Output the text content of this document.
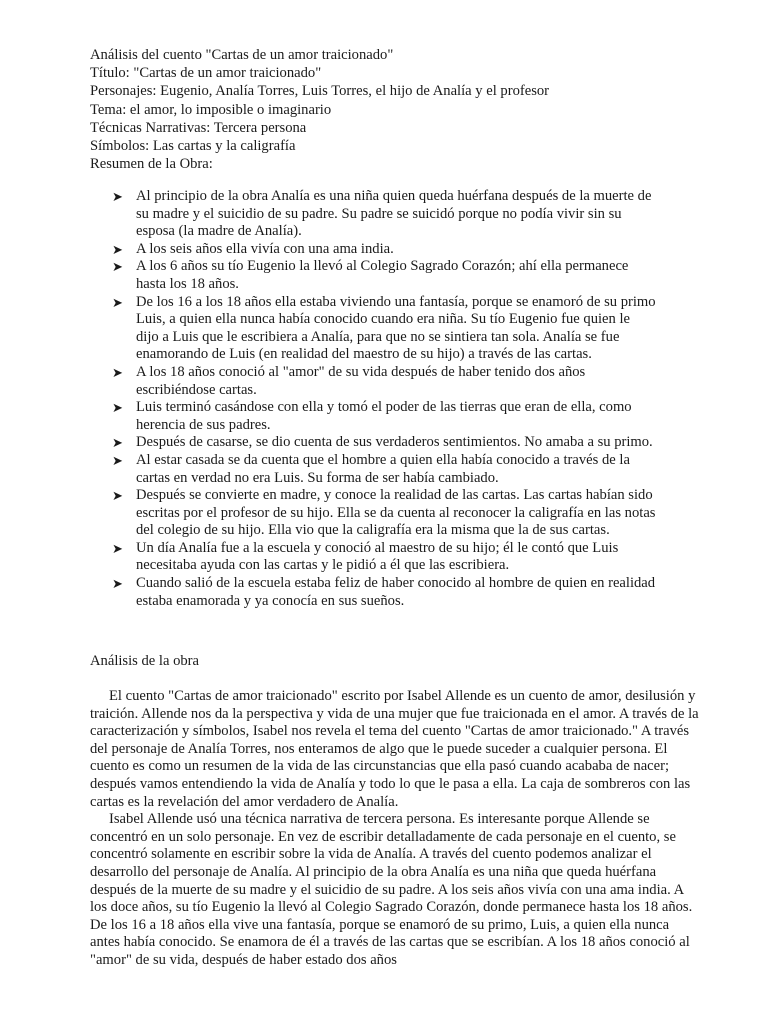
Análisis del cuento "Cartas de un amor traicionado"
Título: "Cartas de un amor traicionado"
Personajes: Eugenio, Analía Torres, Luis Torres, el hijo de Analía y el profesor
Tema: el amor, lo imposible o imaginario
Técnicas Narrativas: Tercera persona
Símbolos: Las cartas y la caligrafía
Resumen de la Obra:
➤ Al principio de la obra Analía es una niña quien queda huérfana después de la muerte de su madre y el suicidio de su padre. Su padre se suicidó porque no podía vivir sin su esposa (la madre de Analía).
➤ A los seis años ella vivía con una ama india.
➤ A los 6 años su tío Eugenio la llevó al Colegio Sagrado Corazón; ahí ella permanece hasta los 18 años.
➤ De los 16 a los 18 años ella estaba viviendo una fantasía, porque se enamoró de su primo Luis, a quien ella nunca había conocido cuando era niña. Su tío Eugenio fue quien le dijo a Luis que le escribiera a Analía, para que no se sintiera tan sola. Analía se fue enamorando de Luis (en realidad del maestro de su hijo) a través de las cartas.
➤ A los 18 años conoció al "amor" de su vida después de haber tenido dos años escribiéndose cartas.
➤ Luis terminó casándose con ella y tomó el poder de las tierras que eran de ella, como herencia de sus padres.
➤ Después de casarse, se dio cuenta de sus verdaderos sentimientos. No amaba a su primo.
➤ Al estar casada se da cuenta que el hombre a quien ella había conocido a través de la cartas en verdad no era Luis. Su forma de ser había cambiado.
➤ Después se convierte en madre, y conoce la realidad de las cartas. Las cartas habían sido escritas por el profesor de su hijo. Ella se da cuenta al reconocer la caligrafía en las notas del colegio de su hijo. Ella vio que la caligrafía era la misma que la de sus cartas.
➤ Un día Analía fue a la escuela y conoció al maestro de su hijo; él le contó que Luis necesitaba ayuda con las cartas y le pidió a él que las escribiera.
➤ Cuando salió de la escuela estaba feliz de haber conocido al hombre de quien en realidad estaba enamorada y ya conocía en sus sueños.
Análisis de la obra

El cuento "Cartas de amor traicionado" escrito por Isabel Allende es un cuento de amor, desilusión y traición. Allende nos da la perspectiva y vida de una mujer que fue traicionada en el amor. A través de la caracterización y símbolos, Isabel nos revela el tema del cuento "Cartas de amor traicionado." A través del personaje de Analía Torres, nos enteramos de algo que le puede suceder a cualquier persona. El cuento es como un resumen de la vida de las circunstancias que ella pasó cuando acababa de nacer; después vamos entendiendo la vida de Analía y todo lo que le pasa a ella. La caja de sombreros con las cartas es la revelación del amor verdadero de Analía.

Isabel Allende usó una técnica narrativa de tercera persona. Es interesante porque Allende se concentró en un solo personaje. En vez de escribir detalladamente de cada personaje en el cuento, se concentró solamente en escribir sobre la vida de Analía. A través del cuento podemos analizar el desarrollo del personaje de Analía. Al principio de la obra Analía es una niña que queda huérfana después de la muerte de su madre y el suicidio de su padre. A los seis años vivía con una ama india. A los doce años, su tío Eugenio la llevó al Colegio Sagrado Corazón, donde permanece hasta los 18 años. De los 16 a 18 años ella vive una fantasía, porque se enamoró de su primo, Luis, a quien ella nunca antes había conocido. Se enamora de él a través de las cartas que se escribían. A los 18 años conoció al "amor" de su vida, después de haber estado dos años
